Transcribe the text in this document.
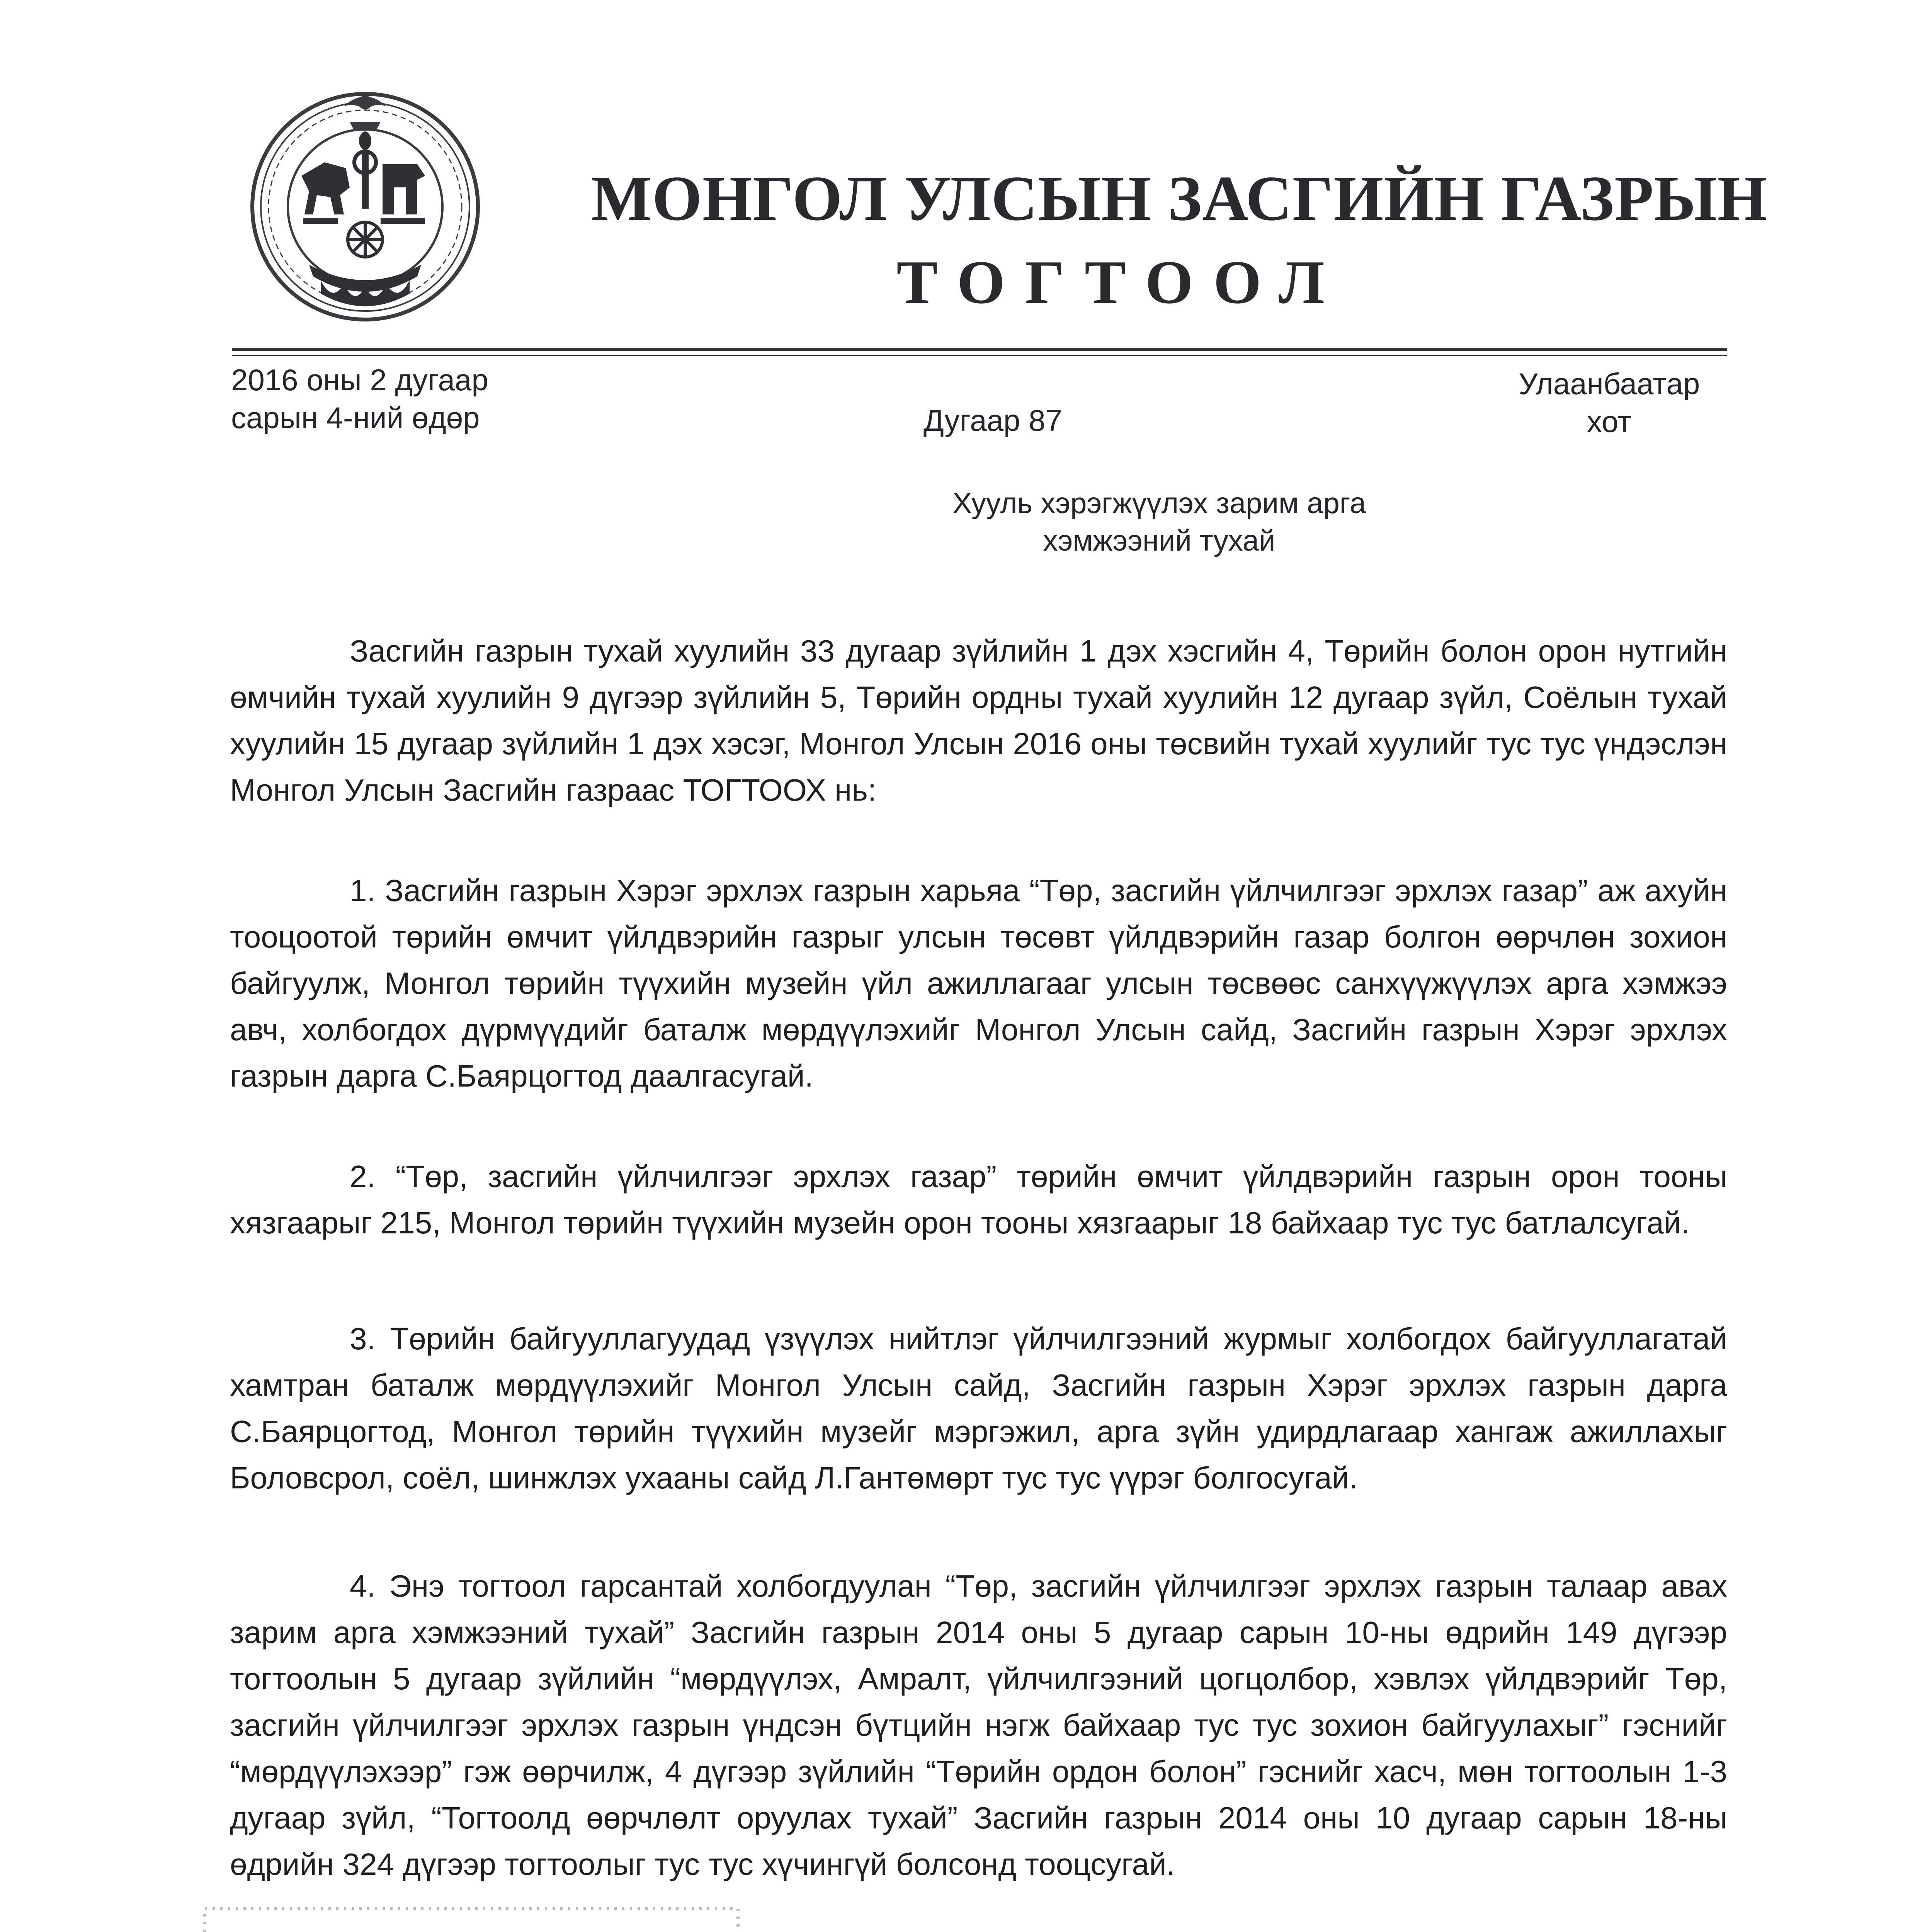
МОНГОЛ УЛСЫН ЗАСГИЙН ГАЗРЫН
ТОГТООЛ
2016 оны 2 дугаар
сарын 4-ний өдөр	Дугаар 87
Улаанбаатар
хот
Хууль хэрэгжүүлэх зарим арга
хэмжээний тухай

Засгийн газрын тухай хуулийн 33 дугаар зүйлийн 1 дэх хэсгийн 4, Төрийн болон орон нутгийн өмчийн тухай хуулийн 9 дүгээр зүйлийн 5, Төрийн ордны тухай хуулийн 12 дугаар зүйл, Соёлын тухай хуулийн 15 дугаар зүйлийн 1 дэх хэсэг, Монгол Улсын 2016 оны төсвийн тухай хуулийг тус тус үндэслэн Монгол Улсын Засгийн газраас ТОГТООХ нь:

1. Засгийн газрын Хэрэг эрхлэх газрын харьяа “Төр, засгийн үйлчилгээг эрхлэх газар” аж ахуйн тооцоотой төрийн өмчит үйлдвэрийн газрыг улсын төсөвт үйлдвэрийн газар болгон өөрчлөн зохион байгуулж, Монгол төрийн түүхийн музейн үйл ажиллагааг улсын төсвөөс санхүүжүүлэх арга хэмжээ авч, холбогдох дүрмүүдийг баталж мөрдүүлэхийг Монгол Улсын сайд, Засгийн газрын Хэрэг эрхлэх газрын дарга С.Баярцогтод даалгасугай.

2. “Төр, засгийн үйлчилгээг эрхлэх газар” төрийн өмчит үйлдвэрийн газрын орон тооны хязгаарыг 215, Монгол төрийн түүхийн музейн орон тооны хязгаарыг 18 байхаар тус тус батлалсугай.

3. Төрийн байгууллагуудад үзүүлэх нийтлэг үйлчилгээний журмыг холбогдох байгууллагатай хамтран баталж мөрдүүлэхийг Монгол Улсын сайд, Засгийн газрын Хэрэг эрхлэх газрын дарга С.Баярцогтод, Монгол төрийн түүхийн музейг мэргэжил, арга зүйн удирдлагаар хангаж ажиллахыг Боловсрол, соёл, шинжлэх ухааны сайд Л.Гантөмөрт тус тус үүрэг болгосугай.

4. Энэ тогтоол гарсантай холбогдуулан “Төр, засгийн үйлчилгээг эрхлэх газрын талаар авах зарим арга хэмжээний тухай” Засгийн газрын 2014 оны 5 дугаар сарын 10-ны өдрийн 149 дүгээр тогтоолын 5 дугаар зүйлийн “мөрдүүлэх, Амралт, үйлчилгээний цогцолбор, хэвлэх үйлдвэрийг Төр, засгийн үйлчилгээг эрхлэх газрын үндсэн бүтцийн нэгж байхаар тус тус зохион байгуулахыг” гэснийг “мөрдүүлэхээр” гэж өөрчилж, 4 дүгээр зүйлийн “Төрийн ордон болон” гэснийг хасч, мөн тогтоолын 1-3 дугаар зүйл, “Тогтоолд өөрчлөлт оруулах тухай” Засгийн газрын 2014 оны 10 дугаар сарын 18-ны өдрийн 324 дүгээр тогтоолыг тус тус хүчингүй болсонд тооцсугай.
